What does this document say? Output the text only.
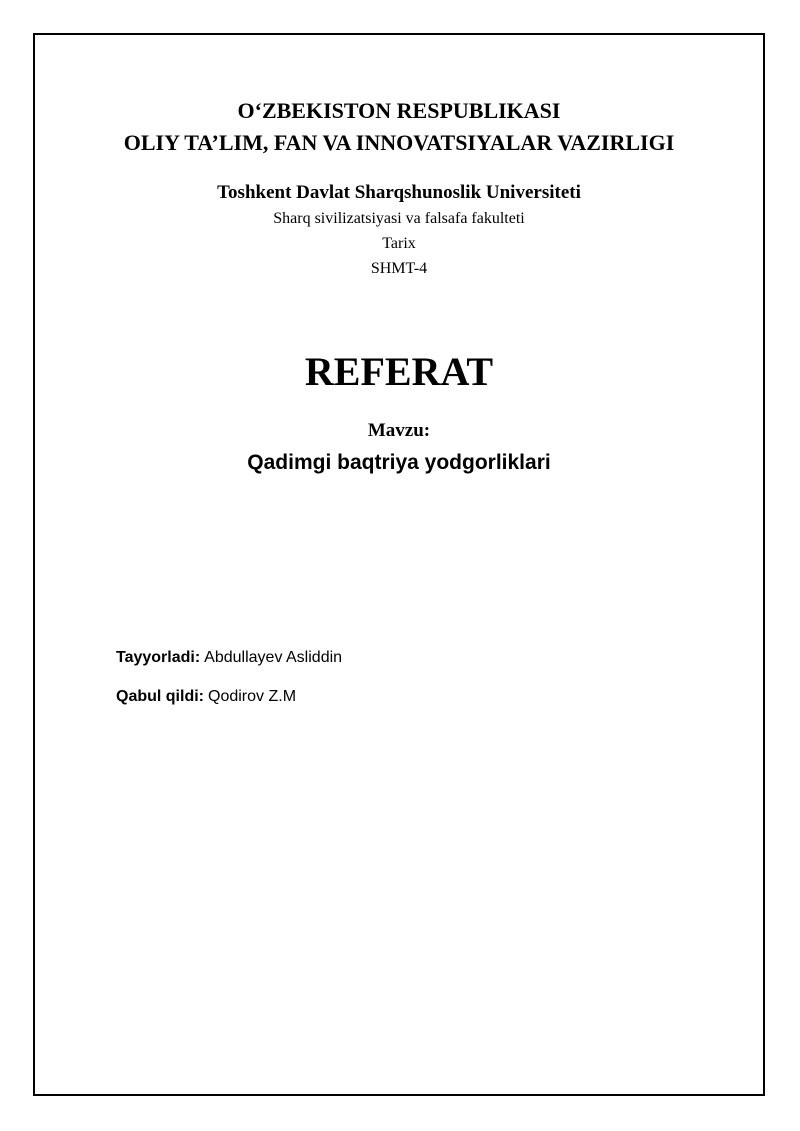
O‘ZBEKISTON RESPUBLIKASI
OLIY TA’LIM, FAN VA INNOVATSIYALAR VAZIRLIGI
Toshkent Davlat Sharqshunoslik Universiteti
Sharq sivilizatsiyasi va falsafa fakulteti
Tarix
SHMT-4
REFERAT
Mavzu:
Qadimgi baqtriya yodgorliklari
Tayyorladi: Abdullayev Asliddin
Qabul qildi: Qodirov Z.M
